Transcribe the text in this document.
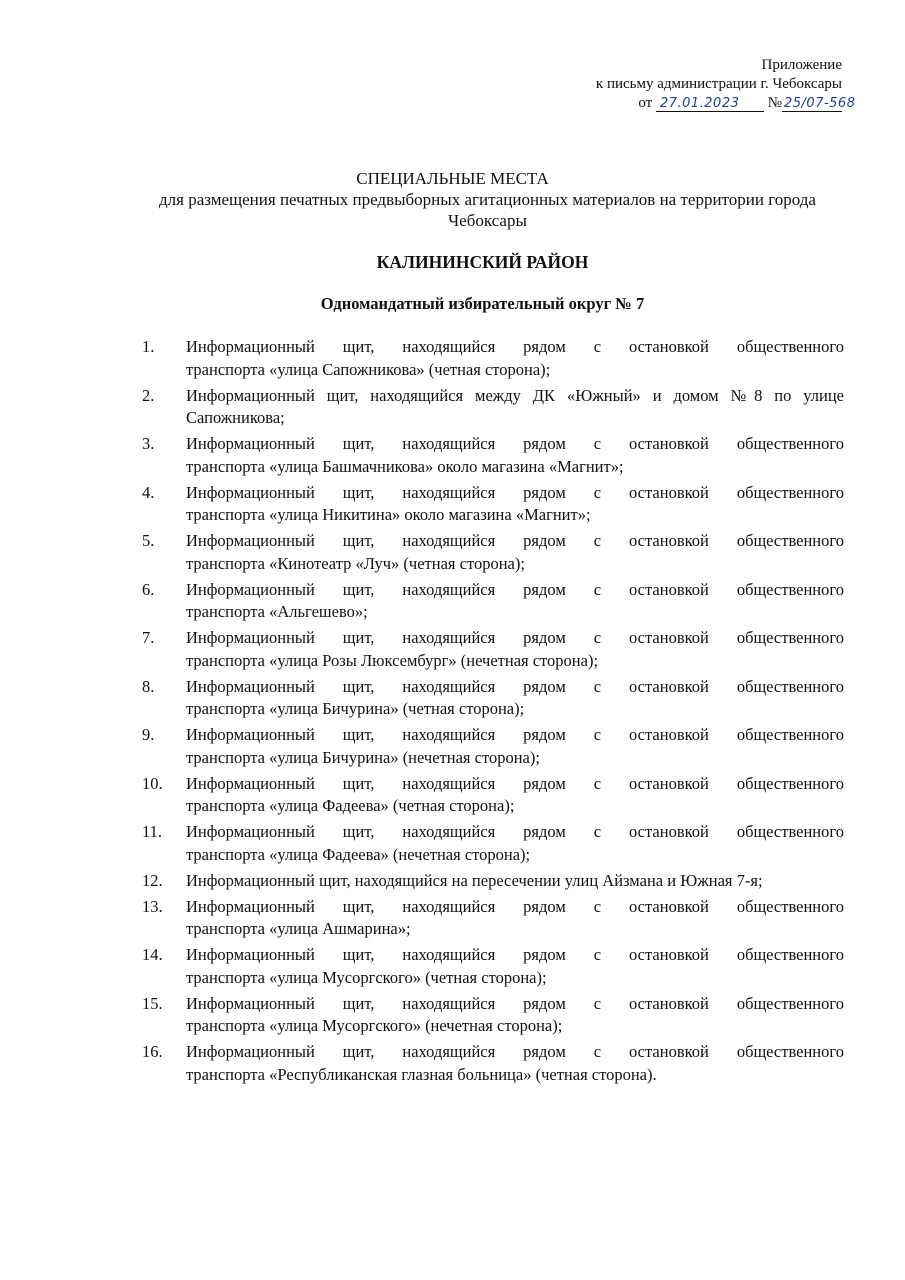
Приложение
к письму администрации г. Чебоксары
от 27.01.2023 № 25/07-568
СПЕЦИАЛЬНЫЕ МЕСТА
для размещения печатных предвыборных агитационных материалов на территории города Чебоксары
КАЛИНИНСКИЙ РАЙОН
Одномандатный избирательный округ № 7
1.	Информационный щит, находящийся рядом с остановкой общественного
транспорта «улица Сапожникова» (четная сторона);
2.	Информационный щит, находящийся между ДК «Южный» и домом №8 по улице
Сапожникова;
3.	Информационный щит, находящийся рядом с остановкой общественного
транспорта «улица Башмачникова» около магазина «Магнит»;
4.	Информационный щит, находящийся рядом с остановкой общественного
транспорта «улица Никитина» около магазина «Магнит»;
5.	Информационный щит, находящийся рядом с остановкой общественного
транспорта «Кинотеатр «Луч» (четная сторона);
6.	Информационный щит, находящийся рядом с остановкой общественного
транспорта «Альгешево»;
7.	Информационный щит, находящийся рядом с остановкой общественного
транспорта «улица Розы Люксембург» (нечетная сторона);
8.	Информационный щит, находящийся рядом с остановкой общественного
транспорта «улица Бичурина» (четная сторона);
9.	Информационный щит, находящийся рядом с остановкой общественного
транспорта «улица Бичурина» (нечетная сторона);
10.	Информационный щит, находящийся рядом с остановкой общественного
транспорта «улица Фадеева» (четная сторона);
11.	Информационный щит, находящийся рядом с остановкой общественного
транспорта «улица Фадеева» (нечетная сторона);
12.	Информационный щит, находящийся на пересечении улиц Айзмана и Южная 7-я;
13.	Информационный щит, находящийся рядом с остановкой общественного
транспорта «улица Ашмарина»;
14.	Информационный щит, находящийся рядом с остановкой общественного
транспорта «улица Мусоргского» (четная сторона);
15.	Информационный щит, находящийся рядом с остановкой общественного
транспорта «улица Мусоргского» (нечетная сторона);
16.	Информационный щит, находящийся рядом с остановкой общественного
транспорта «Республиканская глазная больница» (четная сторона).
